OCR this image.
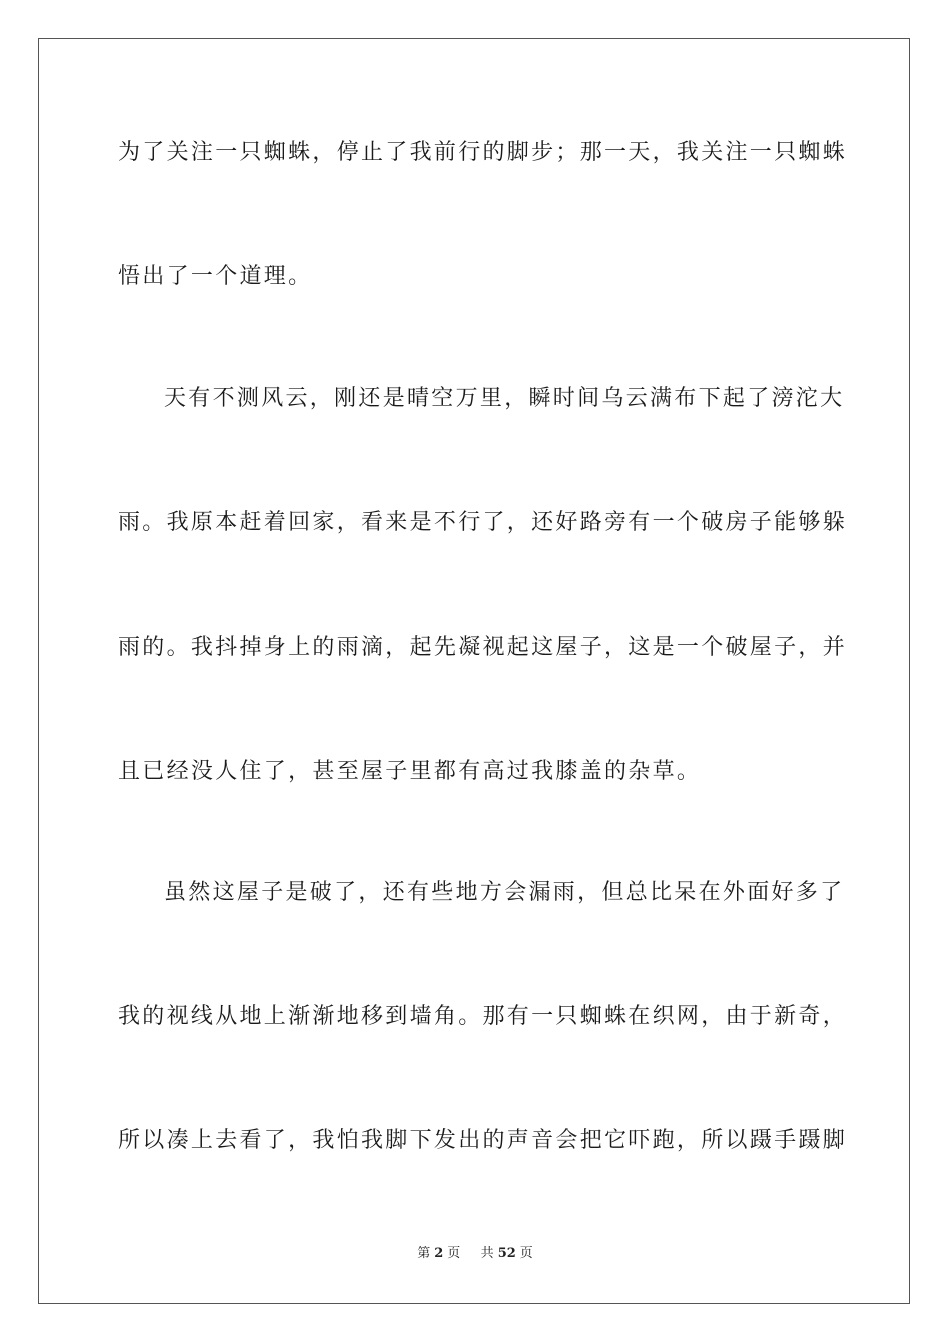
为了关注一只蜘蛛，停止了我前行的脚步；那一天，我关注一只蜘蛛
悟出了一个道理。
天有不测风云，刚还是晴空万里，瞬时间乌云满布下起了滂沱大
雨。我原本赶着回家，看来是不行了，还好路旁有一个破房子能够躲
雨的。我抖掉身上的雨滴，起先凝视起这屋子，这是一个破屋子，并
且已经没人住了，甚至屋子里都有高过我膝盖的杂草。
虽然这屋子是破了，还有些地方会漏雨，但总比呆在外面好多了
我的视线从地上渐渐地移到墙角。那有一只蜘蛛在织网，由于新奇，
所以凑上去看了，我怕我脚下发出的声音会把它吓跑，所以蹑手蹑脚
第 2 页 共 52 页
